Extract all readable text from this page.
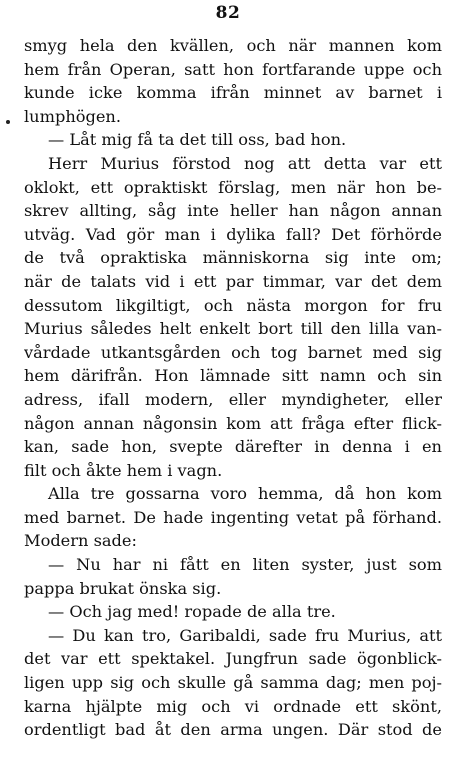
82
smyg hela den kvällen, och när mannen kom
hem från Operan, satt hon fortfarande uppe och
kunde icke komma ifrån minnet av barnet i
lumphögen.
— Låt mig få ta det till oss, bad hon.
Herr Murius förstod nog att detta var ett
oklokt, ett opraktiskt förslag, men när hon be-
skrev allting, såg inte heller han någon annan
utväg. Vad gör man i dylika fall? Det förhörde
de två opraktiska människorna sig inte om;
när de talats vid i ett par timmar, var det dem
dessutom likgiltigt, och nästa morgon for fru
Murius således helt enkelt bort till den lilla van-
vårdade utkantsgården och tog barnet med sig
hem därifrån. Hon lämnade sitt namn och sin
adress, ifall modern, eller myndigheter, eller
någon annan någonsin kom att fråga efter flick-
kan, sade hon, svepte därefter in denna i en
filt och åkte hem i vagn.
Alla tre gossarna voro hemma, då hon kom
med barnet. De hade ingenting vetat på förhand.
Modern sade:
— Nu har ni fått en liten syster, just som
pappa brukat önska sig.
— Och jag med! ropade de alla tre.
— Du kan tro, Garibaldi, sade fru Murius, att
det var ett spektakel. Jungfrun sade ögonblick-
ligen upp sig och skulle gå samma dag; men poj-
karna hjälpte mig och vi ordnade ett skönt,
ordentligt bad åt den arma ungen. Där stod de
